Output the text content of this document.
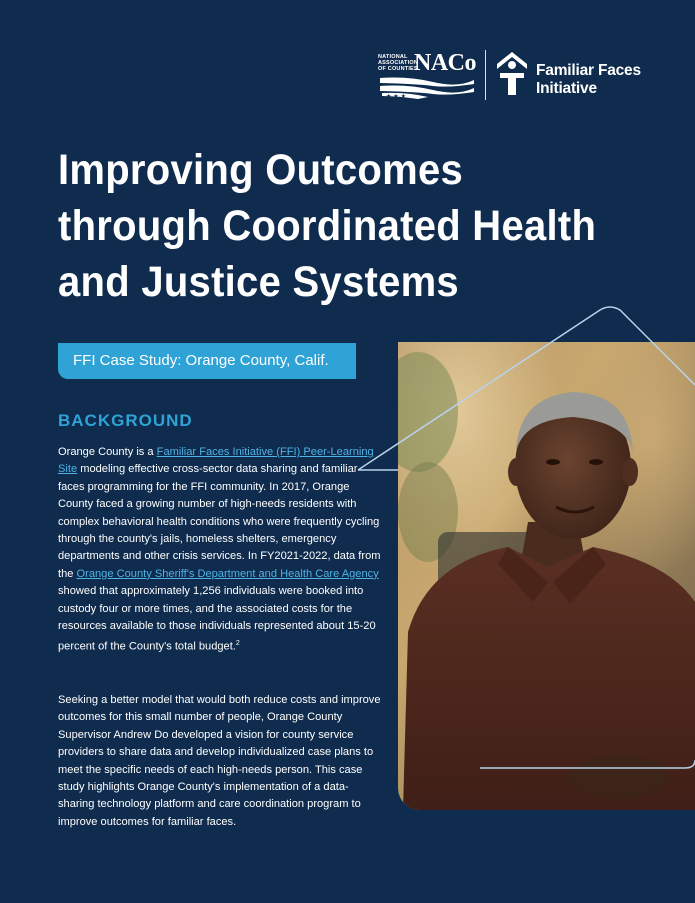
NATIONAL ASSOCIATION OF COUNTIES
NACo
★ ★ ★
Familiar Faces
Initiative
Improving Outcomes
through Coordinated Health
and Justice Systems
FFI Case Study: Orange County, Calif.
BACKGROUND

Orange County is a Familiar Faces Initiative (FFI) Peer-Learning Site modeling effective cross-sector data sharing and familiar faces programming for the FFI community. In 2017, Orange County faced a growing number of high-needs residents with complex behavioral health conditions who were frequently cycling through the county's jails, homeless shelters, emergency departments and other crisis services. In FY2021-2022, data from the Orange County Sheriff's Department and Health Care Agency showed that approximately 1,256 individuals were booked into custody four or more times, and the associated costs for the resources available to those individuals represented about 15-20 percent of the County's total budget.$^2$

Seeking a better model that would both reduce costs and improve outcomes for this small number of people, Orange County Supervisor Andrew Do developed a vision for county service providers to share data and develop individualized case plans to meet the specific needs of each high-needs person. This case study highlights Orange County's implementation of a data-sharing technology platform and care coordination program to improve outcomes for familiar faces.
